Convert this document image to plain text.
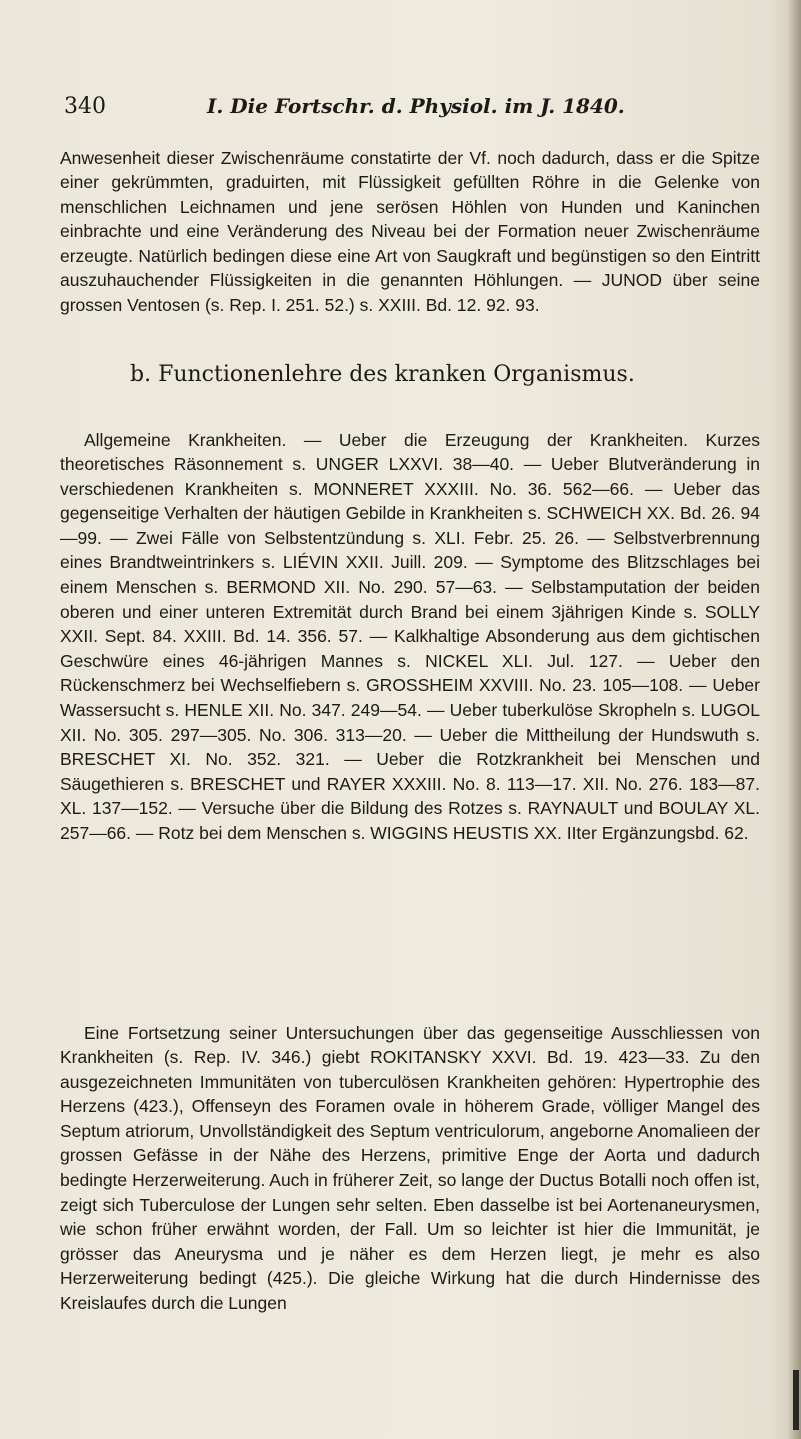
340	I. Die Fortschr. d. Physiol. im J. 1840.

Anwesenheit dieser Zwischenräume constatirte der Vf. noch dadurch, dass er die Spitze einer gekrümmten, graduirten, mit Flüssigkeit gefüllten Röhre in die Gelenke von menschlichen Leichnamen und jene serösen Höhlen von Hunden und Kaninchen einbrachte und eine Veränderung des Niveau bei der Formation neuer Zwischenräume erzeugte. Natürlich bedingen diese eine Art von Saugkraft und begünstigen so den Eintritt auszuhauchender Flüssigkeiten in die genannten Höhlungen. — JUNOD über seine grossen Ventosen (s. Rep. I. 251. 52.) s. XXIII. Bd. 12. 92. 93.

b. Functionenlehre des kranken Organismus.

Allgemeine Krankheiten. — Ueber die Erzeugung der Krankheiten. Kurzes theoretisches Räsonnement s. UNGER LXXVI. 38—40. — Ueber Blutveränderung in verschiedenen Krankheiten s. MONNERET XXXIII. No. 36. 562—66. — Ueber das gegenseitige Verhalten der häutigen Gebilde in Krankheiten s. SCHWEICH XX. Bd. 26. 94—99. — Zwei Fälle von Selbstentzündung s. XLI. Febr. 25. 26. — Selbstverbrennung eines Brandtweintrinkers s. LIÉVIN XXII. Juill. 209. — Symptome des Blitzschlages bei einem Menschen s. BERMOND XII. No. 290. 57—63. — Selbstamputation der beiden oberen und einer unteren Extremität durch Brand bei einem 3jährigen Kinde s. SOLLY XXII. Sept. 84. XXIII. Bd. 14. 356. 57. — Kalkhaltige Absonderung aus dem gichtischen Geschwüre eines 46-jährigen Mannes s. NICKEL XLI. Jul. 127. — Ueber den Rückenschmerz bei Wechselfiebern s. GROSSHEIM XXVIII. No. 23. 105—108. — Ueber Wassersucht s. HENLE XII. No. 347. 249—54. — Ueber tuberkulöse Skropheln s. LUGOL XII. No. 305. 297—305. No. 306. 313—20. — Ueber die Mittheilung der Hundswuth s. BRESCHET XI. No. 352. 321. — Ueber die Rotzkrankheit bei Menschen und Säugethieren s. BRESCHET und RAYER XXXIII. No. 8. 113—17. XII. No. 276. 183—87. XL. 137—152. — Versuche über die Bildung des Rotzes s. RAYNAULT und BOULAY XL. 257—66. — Rotz bei dem Menschen s. WIGGINS HEUSTIS XX. IIter Ergänzungsbd. 62.

Eine Fortsetzung seiner Untersuchungen über das gegenseitige Ausschliessen von Krankheiten (s. Rep. IV. 346.) giebt ROKITANSKY XXVI. Bd. 19. 423—33. Zu den ausgezeichneten Immunitäten von tuberculösen Krankheiten gehören: Hypertrophie des Herzens (423.), Offenseyn des Foramen ovale in höherem Grade, völliger Mangel des Septum atriorum, Unvollständigkeit des Septum ventriculorum, angeborne Anomalieen der grossen Gefässe in der Nähe des Herzens, primitive Enge der Aorta und dadurch bedingte Herzerweiterung. Auch in früherer Zeit, so lange der Ductus Botalli noch offen ist, zeigt sich Tuberculose der Lungen sehr selten. Eben dasselbe ist bei Aortenaneurysmen, wie schon früher erwähnt worden, der Fall. Um so leichter ist hier die Immunität, je grösser das Aneurysma und je näher es dem Herzen liegt, je mehr es also Herzerweiterung bedingt (425.). Die gleiche Wirkung hat die durch Hindernisse des Kreislaufes durch die Lungen
